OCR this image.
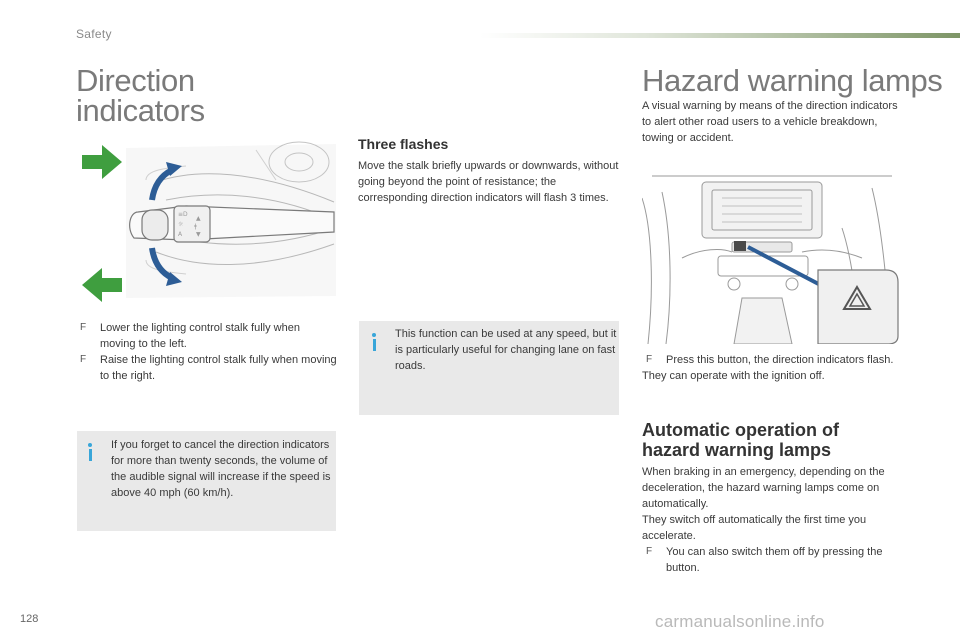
Safety
Direction
indicators
≡D
☼
A
▲
ǂ
▼
F Lower the lighting control stalk fully when moving to the left.
F Raise the lighting control stalk fully when moving to the right.
If you forget to cancel the direction indicators for more than twenty seconds, the volume of the audible signal will increase if the speed is above 40 mph (60 km/h).
Three flashes
Move the stalk briefly upwards or downwards, without going beyond the point of resistance; the corresponding direction indicators will flash 3 times.
This function can be used at any speed, but it is particularly useful for changing lane on fast roads.
Hazard warning lamps
A visual warning by means of the direction indicators to alert other road users to a vehicle breakdown, towing or accident.
F Press this button, the direction indicators flash.
They can operate with the ignition off.
Automatic operation of
hazard warning lamps
When braking in an emergency, depending on the deceleration, the hazard warning lamps come on automatically.
They switch off automatically the first time you accelerate.
F You can also switch them off by pressing the button.
128	carmanualsonline.info
